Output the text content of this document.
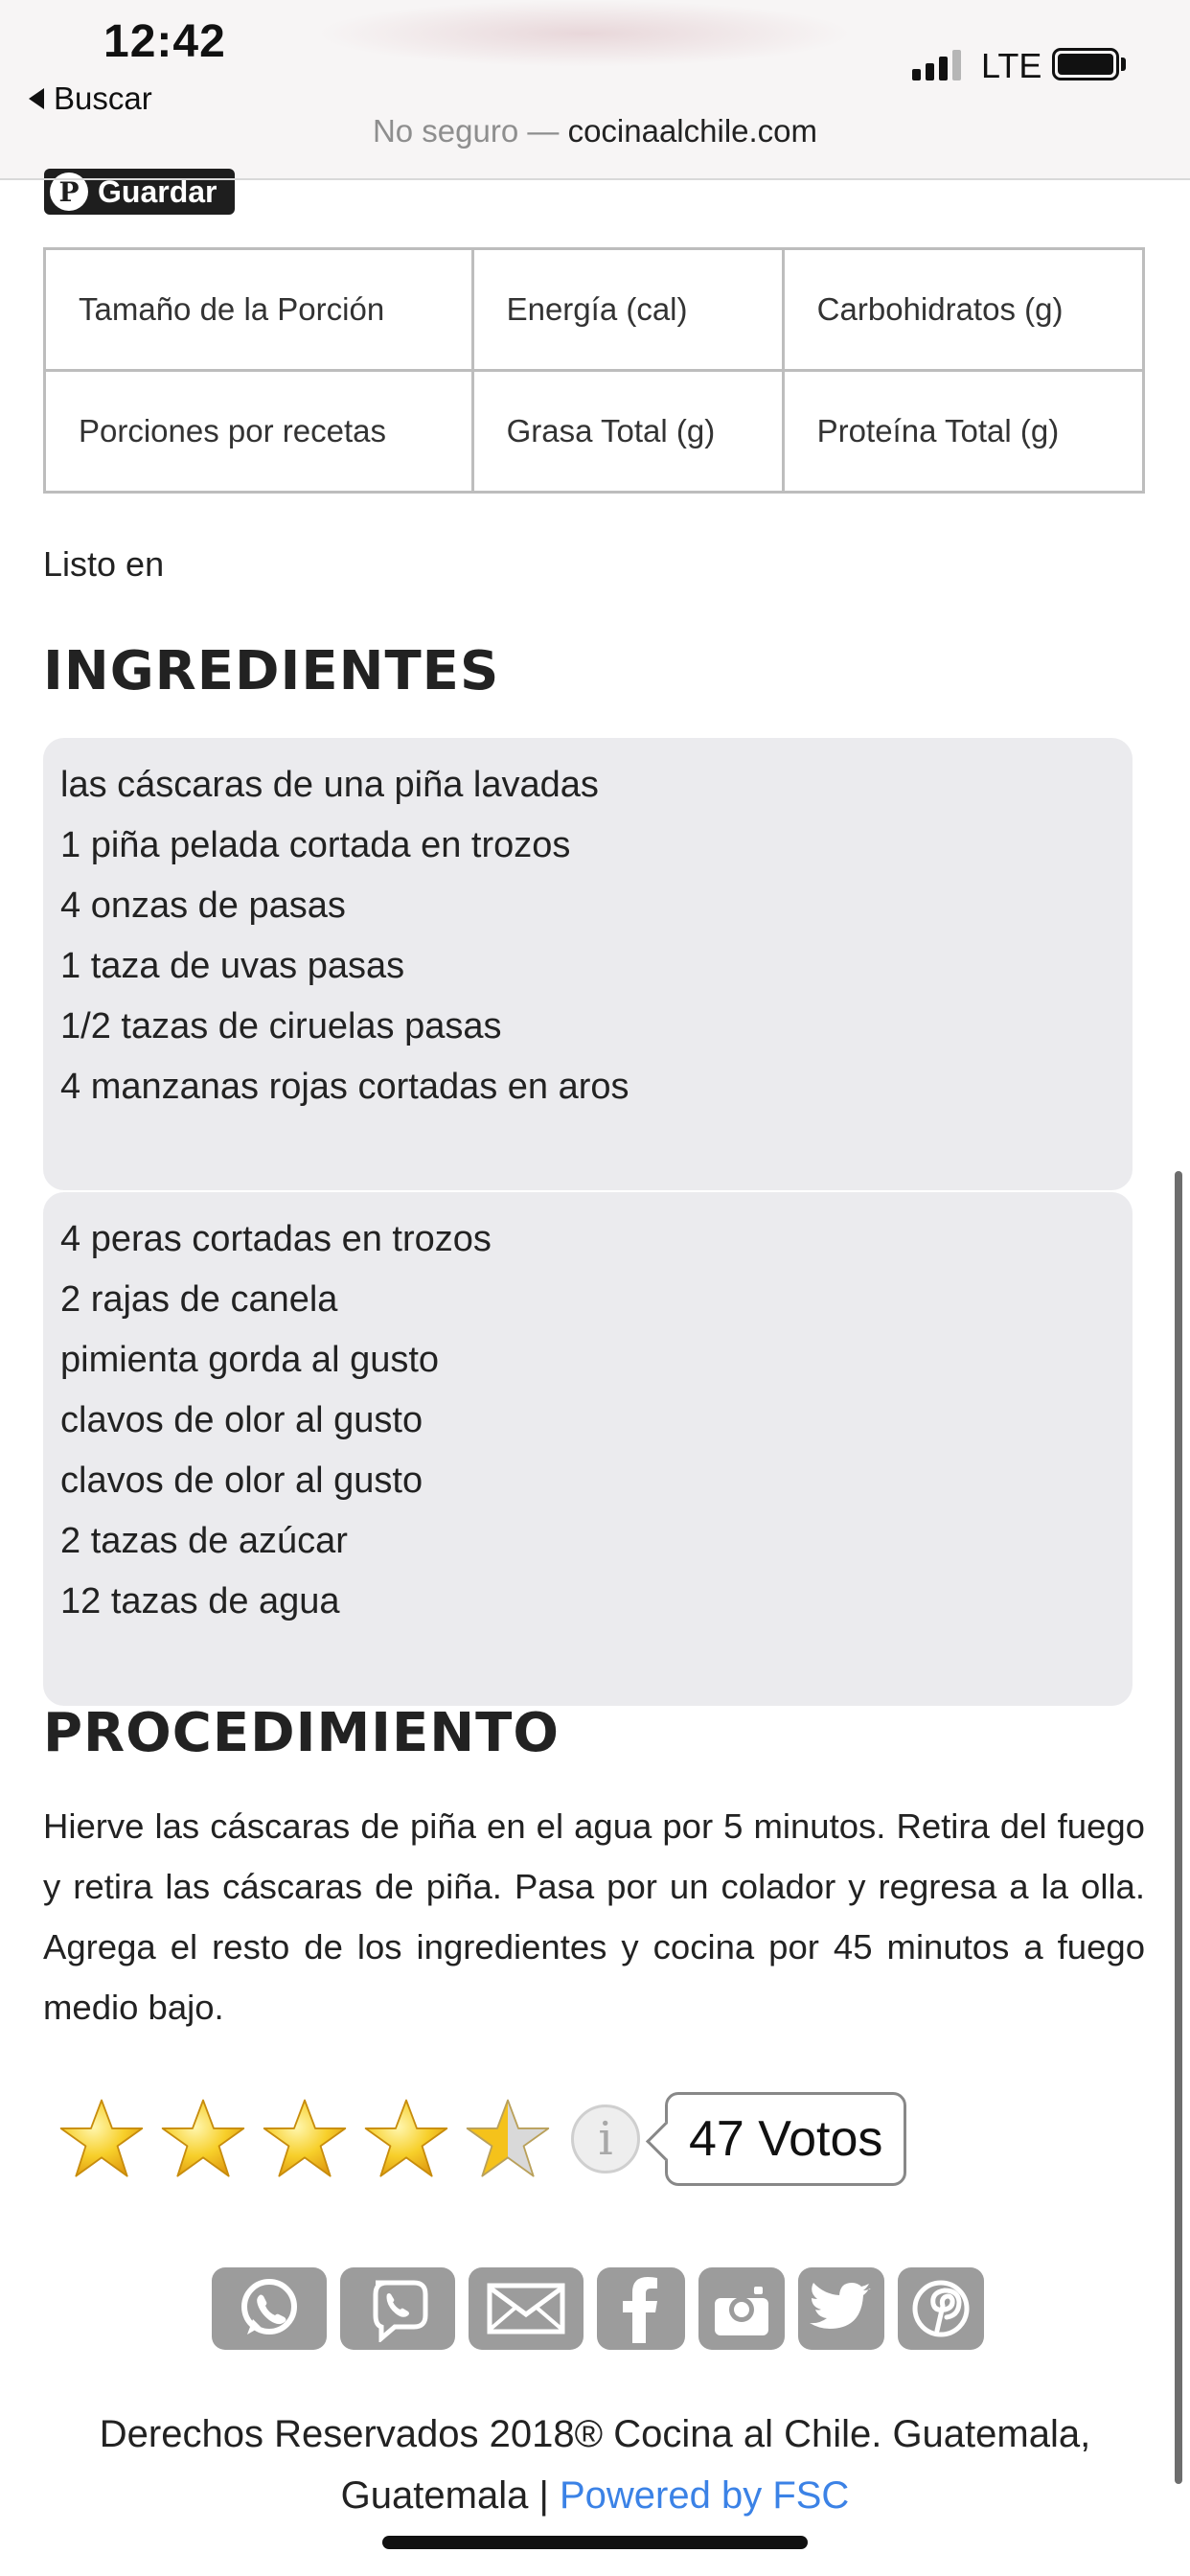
12:42
Buscar
LTE
No seguro — cocinaalchile.com
P Guardar
Tamaño de la Porción	Energía (cal)	Carbohidratos (g)
Porciones por recetas	Grasa Total (g)	Proteína Total (g)
Listo en
INGREDIENTES
las cáscaras de una piña lavadas
1 piña pelada cortada en trozos
4 onzas de pasas
1 taza de uvas pasas
1/2 tazas de ciruelas pasas
4 manzanas rojas cortadas en aros
4 peras cortadas en trozos
2 rajas de canela
pimienta gorda al gusto
clavos de olor al gusto
clavos de olor al gusto
2 tazas de azúcar
12 tazas de agua
PROCEDIMIENTO

Hierve las cáscaras de piña en el agua por 5 minutos. Retira del fuego y retira las cáscaras de piña. Pasa por un colador y regresa a la olla. Agrega el resto de los ingredientes y cocina por 45 minutos a fuego medio bajo.

i	47 Votos
Derechos Reservados 2018® Cocina al Chile. Guatemala,
Guatemala | Powered by FSC
